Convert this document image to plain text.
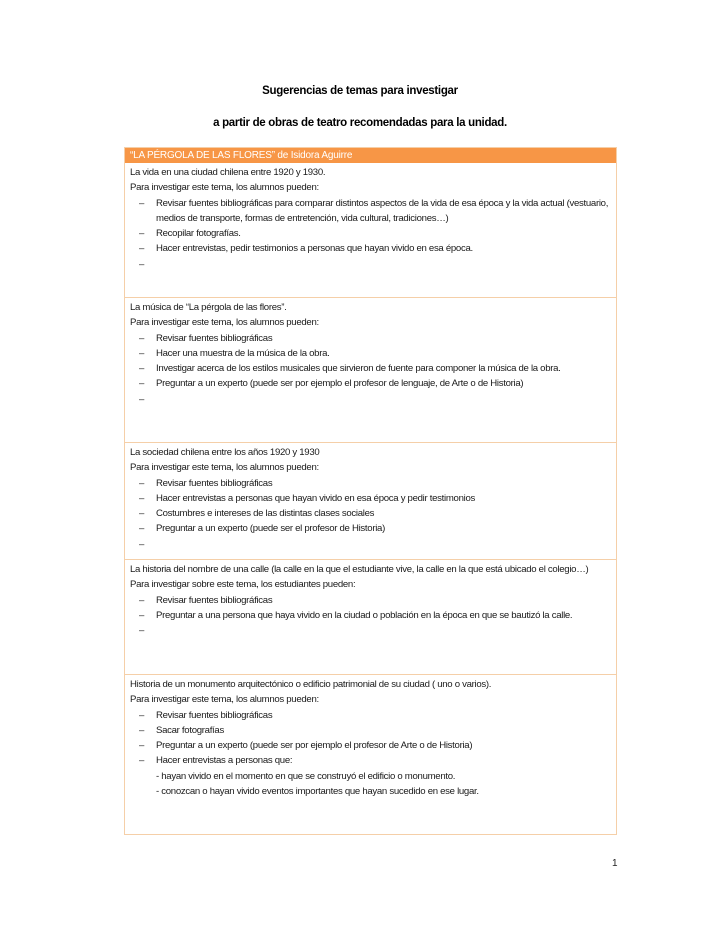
Sugerencias de temas para investigar
a partir de obras de teatro recomendadas para la unidad.
“LA PÉRGOLA DE LAS FLORES” de Isidora Aguirre
La vida en una ciudad chilena entre 1920 y 1930.
Para investigar este tema, los alumnos pueden:
– Revisar fuentes bibliográficas para comparar distintos aspectos de la vida de esa época y la vida actual (vestuario, medios de transporte, formas de entretención, vida cultural, tradiciones…)
– Recopilar fotografías.
– Hacer entrevistas, pedir testimonios a personas que hayan vivido en esa época.
–
La música de “La pérgola de las flores”.
Para investigar este tema, los alumnos pueden:
– Revisar fuentes bibliográficas
– Hacer una muestra de la música de la obra.
– Investigar acerca de los estilos musicales que sirvieron de fuente para componer la música de la obra.
– Preguntar a un experto (puede ser por ejemplo el profesor de lenguaje, de Arte o de Historia)
–
La sociedad chilena entre los años 1920 y 1930
Para investigar este tema, los alumnos pueden:
– Revisar fuentes bibliográficas
– Hacer entrevistas a personas que hayan vivido en esa época y pedir testimonios
– Costumbres e intereses de las distintas clases sociales
– Preguntar a un experto (puede ser el profesor de Historia)
–
La historia del nombre de una calle (la calle en la que el estudiante vive, la calle en la que está ubicado el colegio…)
Para investigar sobre este tema, los estudiantes pueden:
– Revisar fuentes bibliográficas
– Preguntar a una persona que haya vivido en la ciudad o población en la época en que se bautizó la calle.
–
Historia de un monumento arquitectónico o edificio patrimonial de su ciudad ( uno o varios).
Para investigar este tema, los alumnos pueden:
– Revisar fuentes bibliográficas
– Sacar fotografías
– Preguntar a un experto (puede ser por ejemplo el profesor de Arte o de Historia)
– Hacer entrevistas a personas que:
- hayan vivido en el momento en que se construyó el edificio o monumento.
- conozcan o hayan vivido eventos importantes que hayan sucedido en ese lugar.
1
